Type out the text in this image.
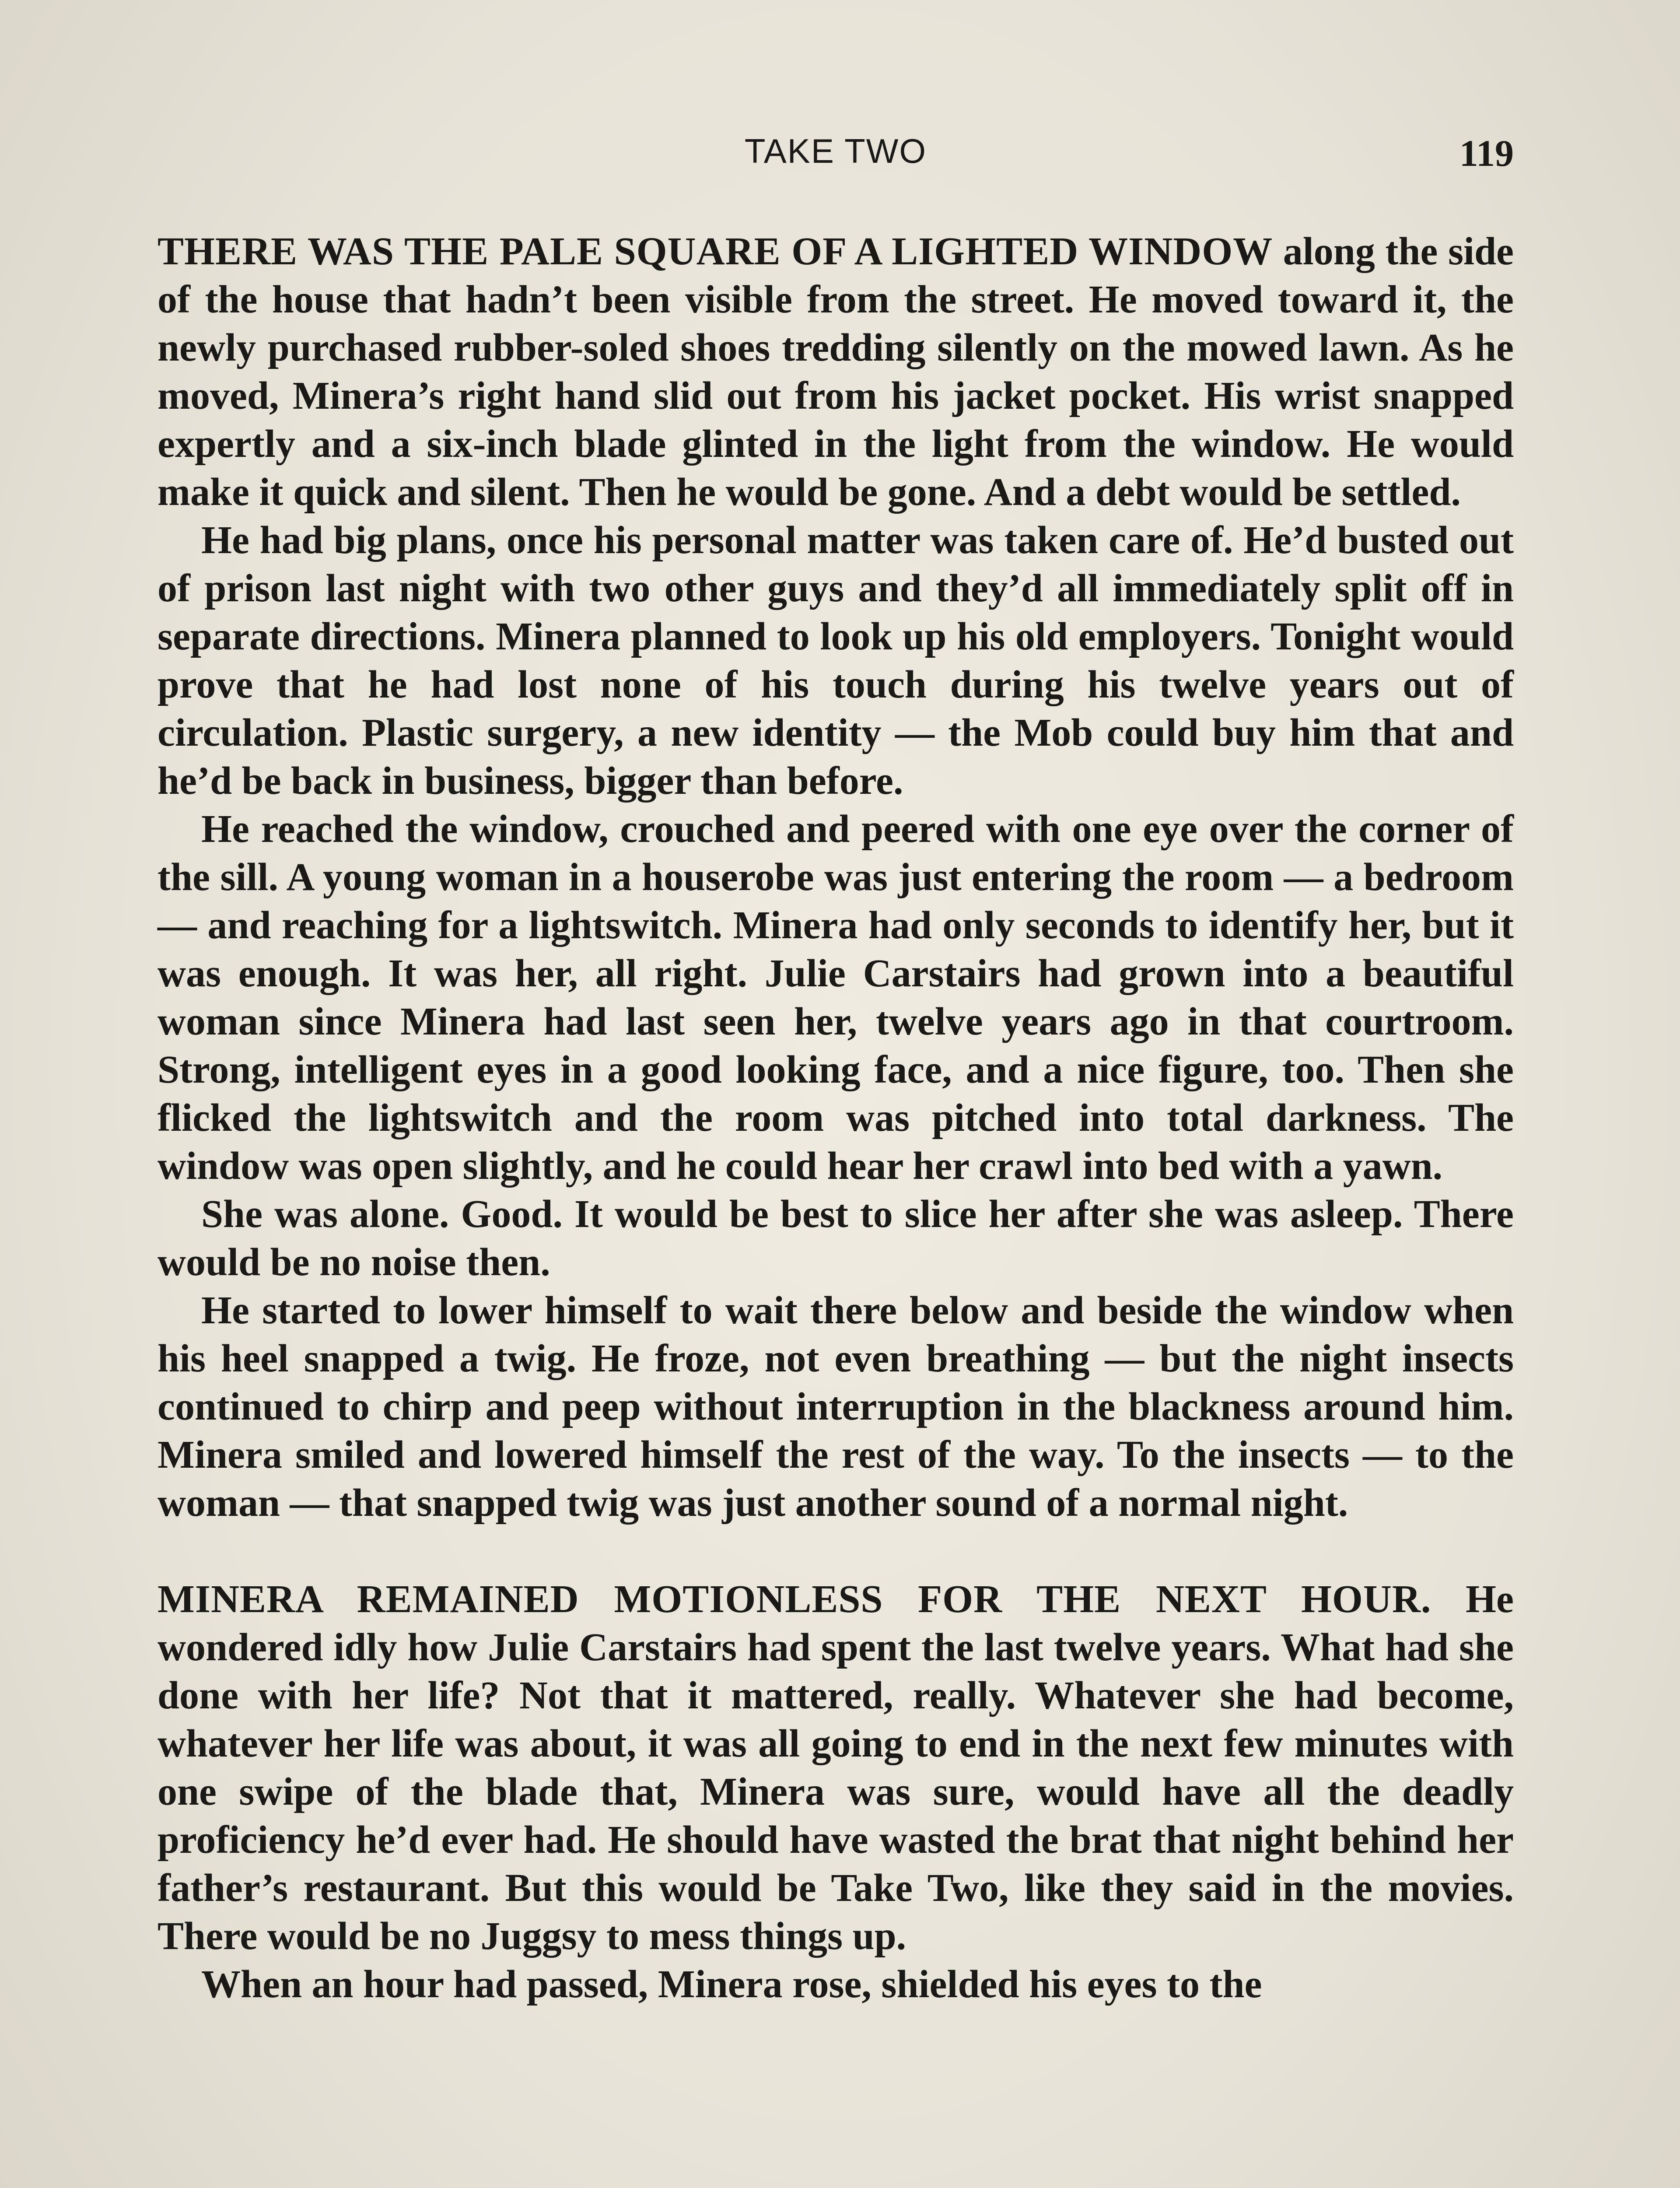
TAKE TWO	119

THERE WAS THE PALE SQUARE OF A LIGHTED WINDOW along the side of the house that hadn’t been visible from the street. He moved toward it, the newly purchased rubber-soled shoes tredding silently on the mowed lawn. As he moved, Minera’s right hand slid out from his jacket pocket. His wrist snapped expertly and a six-inch blade glinted in the light from the window. He would make it quick and silent. Then he would be gone. And a debt would be settled.

He had big plans, once his personal matter was taken care of. He’d busted out of prison last night with two other guys and they’d all immediately split off in separate directions. Minera planned to look up his old employers. Tonight would prove that he had lost none of his touch during his twelve years out of circulation. Plastic surgery, a new identity — the Mob could buy him that and he’d be back in business, bigger than before.

He reached the window, crouched and peered with one eye over the corner of the sill. A young woman in a houserobe was just entering the room — a bedroom — and reaching for a lightswitch. Minera had only seconds to identify her, but it was enough. It was her, all right. Julie Carstairs had grown into a beautiful woman since Minera had last seen her, twelve years ago in that courtroom. Strong, intelligent eyes in a good looking face, and a nice figure, too. Then she flicked the lightswitch and the room was pitched into total darkness. The window was open slightly, and he could hear her crawl into bed with a yawn.

She was alone. Good. It would be best to slice her after she was asleep. There would be no noise then.

He started to lower himself to wait there below and beside the window when his heel snapped a twig. He froze, not even breathing — but the night insects continued to chirp and peep without interruption in the blackness around him. Minera smiled and lowered himself the rest of the way. To the insects — to the woman — that snapped twig was just another sound of a normal night.

MINERA REMAINED MOTIONLESS FOR THE NEXT HOUR. He wondered idly how Julie Carstairs had spent the last twelve years. What had she done with her life? Not that it mattered, really. Whatever she had become, whatever her life was about, it was all going to end in the next few minutes with one swipe of the blade that, Minera was sure, would have all the deadly proficiency he’d ever had. He should have wasted the brat that night behind her father’s restaurant. But this would be Take Two, like they said in the movies. There would be no Juggsy to mess things up.

When an hour had passed, Minera rose, shielded his eyes to the
